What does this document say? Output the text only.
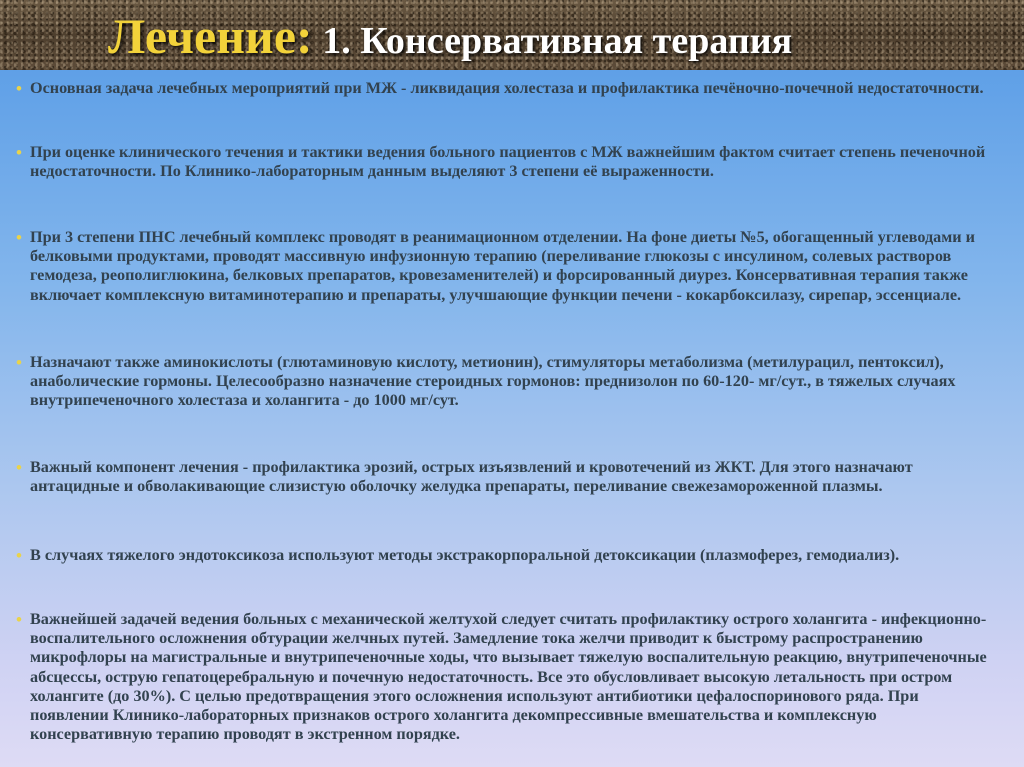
Лечение: 1. Консервативная терапия
• Основная задача лечебных мероприятий при МЖ - ликвидация холестаза и профилактика печёночно-почечной недостаточности.
• При оценке клинического течения и тактики ведения больного пациентов с МЖ важнейшим фактом считает степень печеночной недостаточности. По Клинико-лабораторным данным выделяют 3 степени её выраженности.
• При 3 степени ПНС лечебный комплекс проводят в реанимационном отделении. На фоне диеты №5, обогащенный углеводами и белковыми продуктами, проводят массивную инфузионную терапию (переливание глюкозы с инсулином, солевых растворов гемодеза, реополиглюкина, белковых препаратов, кровезаменителей) и форсированный диурез. Консервативная терапия также включает комплексную витаминотерапию и препараты, улучшающие функции печени - кокарбоксилазу, сирепар, эссенциале.
• Назначают также аминокислоты (глютаминовую кислоту, метионин), стимуляторы метаболизма (метилурацил, пентоксил), анаболические гормоны. Целесообразно назначение стероидных гормонов: преднизолон по 60-120- мг/сут., в тяжелых случаях внутрипеченочного холестаза и холангита - до 1000 мг/сут.
• Важный компонент лечения - профилактика эрозий, острых изъязвлений и кровотечений из ЖКТ. Для этого назначают антацидные и обволакивающие слизистую оболочку желудка препараты, переливание свежезамороженной плазмы.
• В случаях тяжелого эндотоксикоза используют методы экстракорпоральной детоксикации (плазмоферез, гемодиализ).
• Важнейшей задачей ведения больных с механической желтухой следует считать профилактику острого холангита - инфекционно-воспалительного осложнения обтурации желчных путей. Замедление тока желчи приводит к быстрому распространению микрофлоры на магистральные и внутрипеченочные ходы, что вызывает тяжелую воспалительную реакцию, внутрипеченочные абсцессы, острую гепатоцеребральную и почечную недостаточность. Все это обусловливает высокую летальность при остром холангите (до 30%). С целью предотвращения этого осложнения используют антибиотики цефалоспоринового ряда. При появлении Клинико-лабораторных признаков острого холангита декомпрессивные вмешательства и комплексную консервативную терапию проводят в экстренном порядке.
